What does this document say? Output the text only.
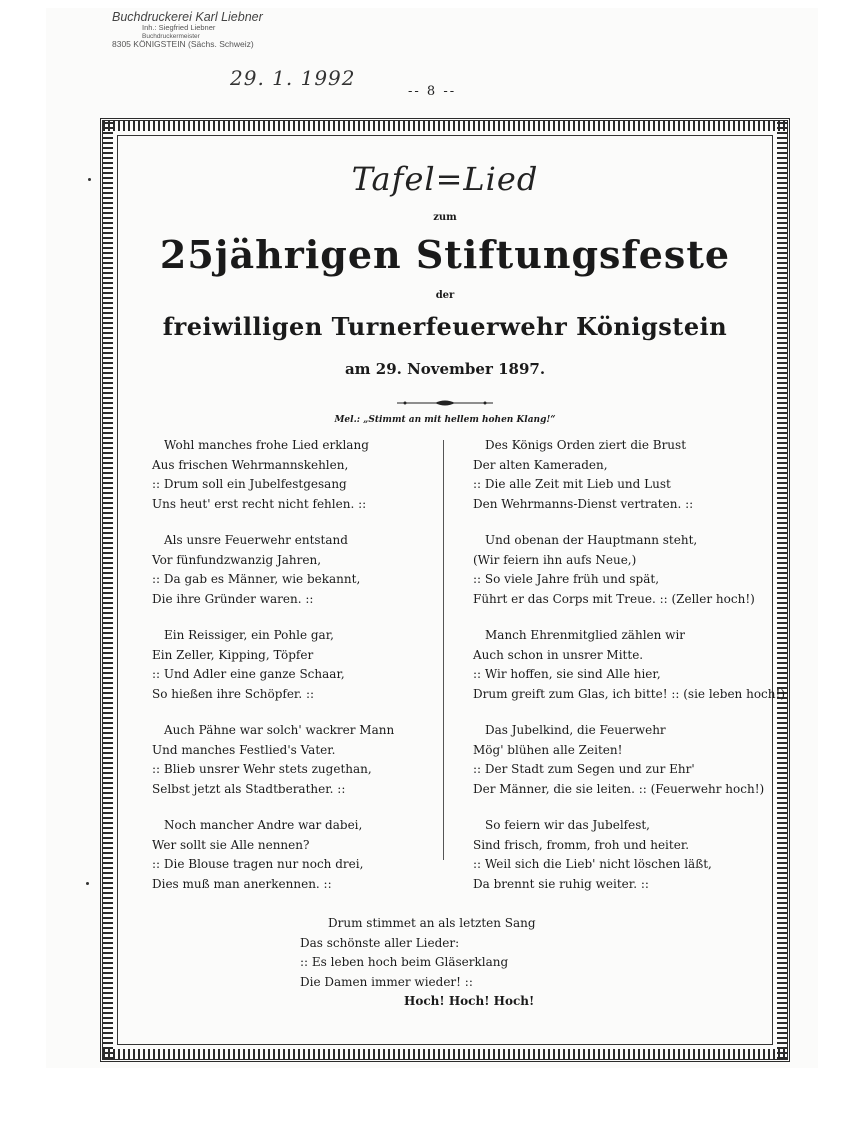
Buchdruckerei Karl Liebner
Inh.: Siegfried Liebner
Buchdruckermeister
8305 KÖNIGSTEIN (Sächs. Schweiz)
29. 1. 1992
-- 8 --
Tafel=Lied
zum
25jährigen Stiftungsfeste
der
freiwilligen Turnerfeuerwehr Königstein
am 29. November 1897.
Mel.: „Stimmt an mit hellem hohen Klang!“
Wohl manches frohe Lied erklang
Aus frischen Wehrmannskehlen,
:: Drum soll ein Jubelfestgesang
Uns heut' erst recht nicht fehlen. ::
Als unsre Feuerwehr entstand
Vor fünfundzwanzig Jahren,
:: Da gab es Männer, wie bekannt,
Die ihre Gründer waren. ::
Ein Reissiger, ein Pohle gar,
Ein Zeller, Kipping, Töpfer
:: Und Adler eine ganze Schaar,
So hießen ihre Schöpfer. ::
Auch Pähne war solch' wackrer Mann
Und manches Festlied's Vater.
:: Blieb unsrer Wehr stets zugethan,
Selbst jetzt als Stadtberather. ::
Noch mancher Andre war dabei,
Wer sollt sie Alle nennen?
:: Die Blouse tragen nur noch drei,
Dies muß man anerkennen. ::
Des Königs Orden ziert die Brust
Der alten Kameraden,
:: Die alle Zeit mit Lieb und Lust
Den Wehrmanns-Dienst vertraten. ::
Und obenan der Hauptmann steht,
(Wir feiern ihn aufs Neue,)
:: So viele Jahre früh und spät,
Führt er das Corps mit Treue. :: (Zeller hoch!)
Manch Ehrenmitglied zählen wir
Auch schon in unsrer Mitte.
:: Wir hoffen, sie sind Alle hier,
Drum greift zum Glas, ich bitte! :: (sie leben hoch!)
Das Jubelkind, die Feuerwehr
Mög' blühen alle Zeiten!
:: Der Stadt zum Segen und zur Ehr'
Der Männer, die sie leiten. :: (Feuerwehr hoch!)
So feiern wir das Jubelfest,
Sind frisch, fromm, froh und heiter.
:: Weil sich die Lieb' nicht löschen läßt,
Da brennt sie ruhig weiter. ::
Drum stimmet an als letzten Sang
Das schönste aller Lieder:
:: Es leben hoch beim Gläserklang
Die Damen immer wieder! ::
Hoch! Hoch! Hoch!
